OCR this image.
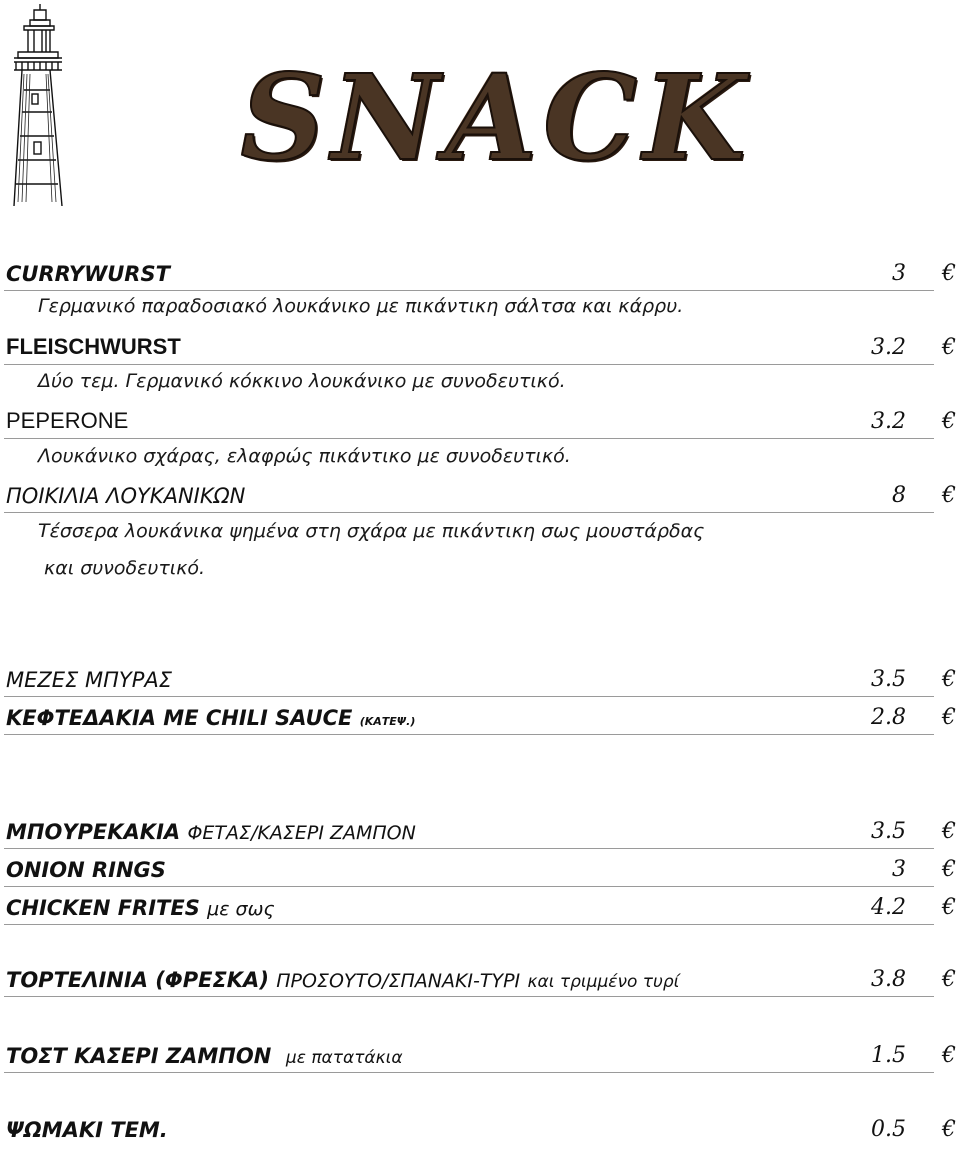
SNACK
CURRYWURST	3 €
Γερμανικό παραδοσιακό λουκάνικο με πικάντικη σάλτσα και κάρρυ.
FLEISCHWURST	3.2 €
Δύο τεμ. Γερμανικό κόκκινο λουκάνικο με συνοδευτικό.
PEPERONE	3.2 €
Λουκάνικο σχάρας, ελαφρώς πικάντικο με συνοδευτικό.
ΠΟΙΚΙΛΙΑ ΛΟΥΚΑΝΙΚΩΝ	8 €
Τέσσερα λουκάνικα ψημένα στη σχάρα με πικάντικη σως μουστάρδας
και συνοδευτικό.
ΜΕΖΕΣ ΜΠΥΡΑΣ	3.5 €
ΚΕΦΤΕΔΑΚΙΑ ΜΕ CHILI SAUCE (ΚΑΤΕΨ.)	2.8 €
ΜΠΟΥΡΕΚΑΚΙΑ ΦΕΤΑΣ/ΚΑΣΕΡΙ ΖΑΜΠΟΝ	3.5 €
ONION RINGS	3 €
CHICKEN FRITES με σως	4.2 €
ΤΟΡΤΕΛΙΝΙΑ (ΦΡΕΣΚΑ) ΠΡΟΣΟΥΤΟ/ΣΠΑΝΑΚΙ-ΤΥΡΙ και τριμμένο τυρί	3.8 €
ΤΟΣΤ ΚΑΣΕΡΙ ΖΑΜΠΟΝ με πατατάκια	1.5 €
ΨΩΜΑΚΙ ΤΕΜ.	0.5 €
